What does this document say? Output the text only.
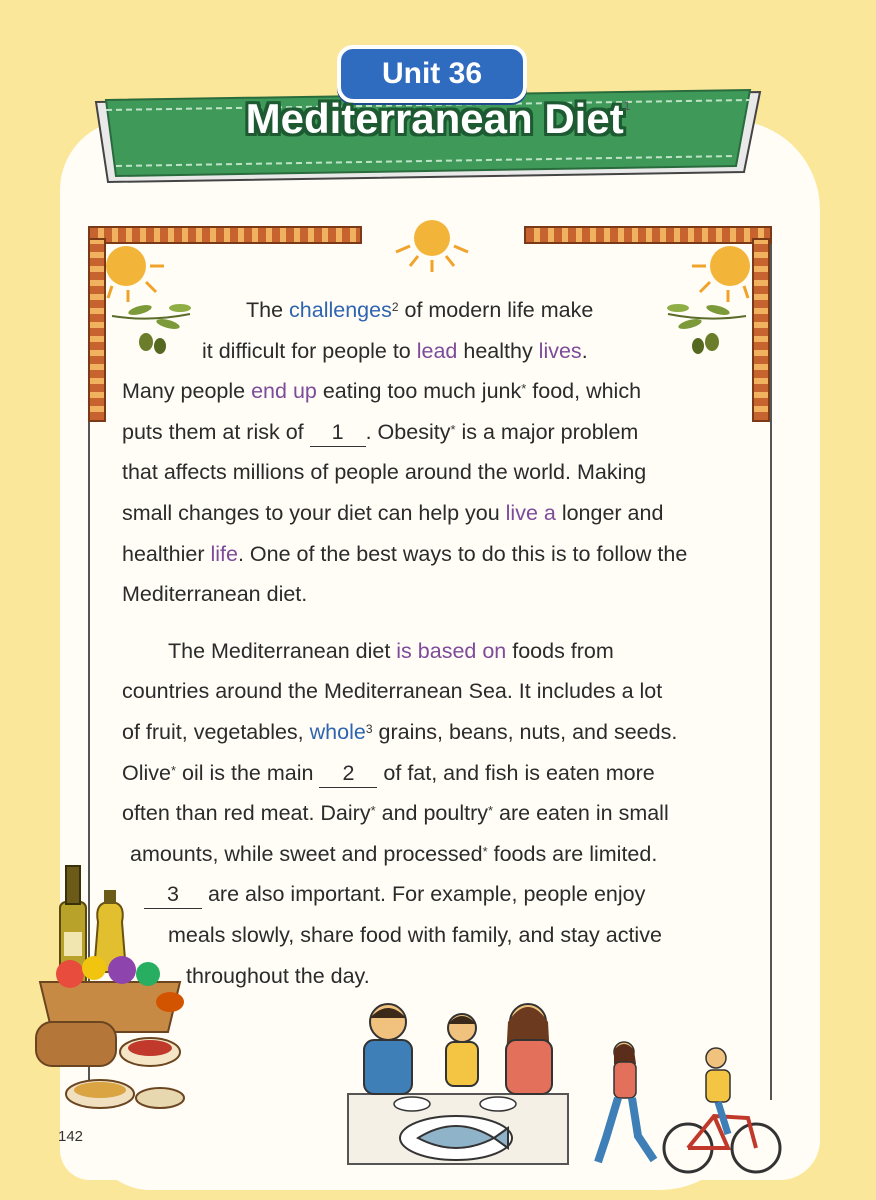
Unit 36
Mediterranean Diet$^1$

The challenges$^2$ of modern life make
it difficult for people to lead healthy lives.
Many people end up eating too much junk* food, which
puts them at risk of 1 . Obesity* is a major problem
that affects millions of people around the world. Making
small changes to your diet can help you live a longer and
healthier life. One of the best ways to do this is to follow the
Mediterranean diet.

The Mediterranean diet is based on foods from
countries around the Mediterranean Sea. It includes a lot
of fruit, vegetables, whole$^3$ grains, beans, nuts, and seeds.
Olive* oil is the main 2 of fat, and fish is eaten more
often than red meat. Dairy* and poultry* are eaten in small
amounts, while sweet and processed* foods are limited.
3 are also important. For example, people enjoy
meals slowly, share food with family, and stay active
throughout the day.

142
